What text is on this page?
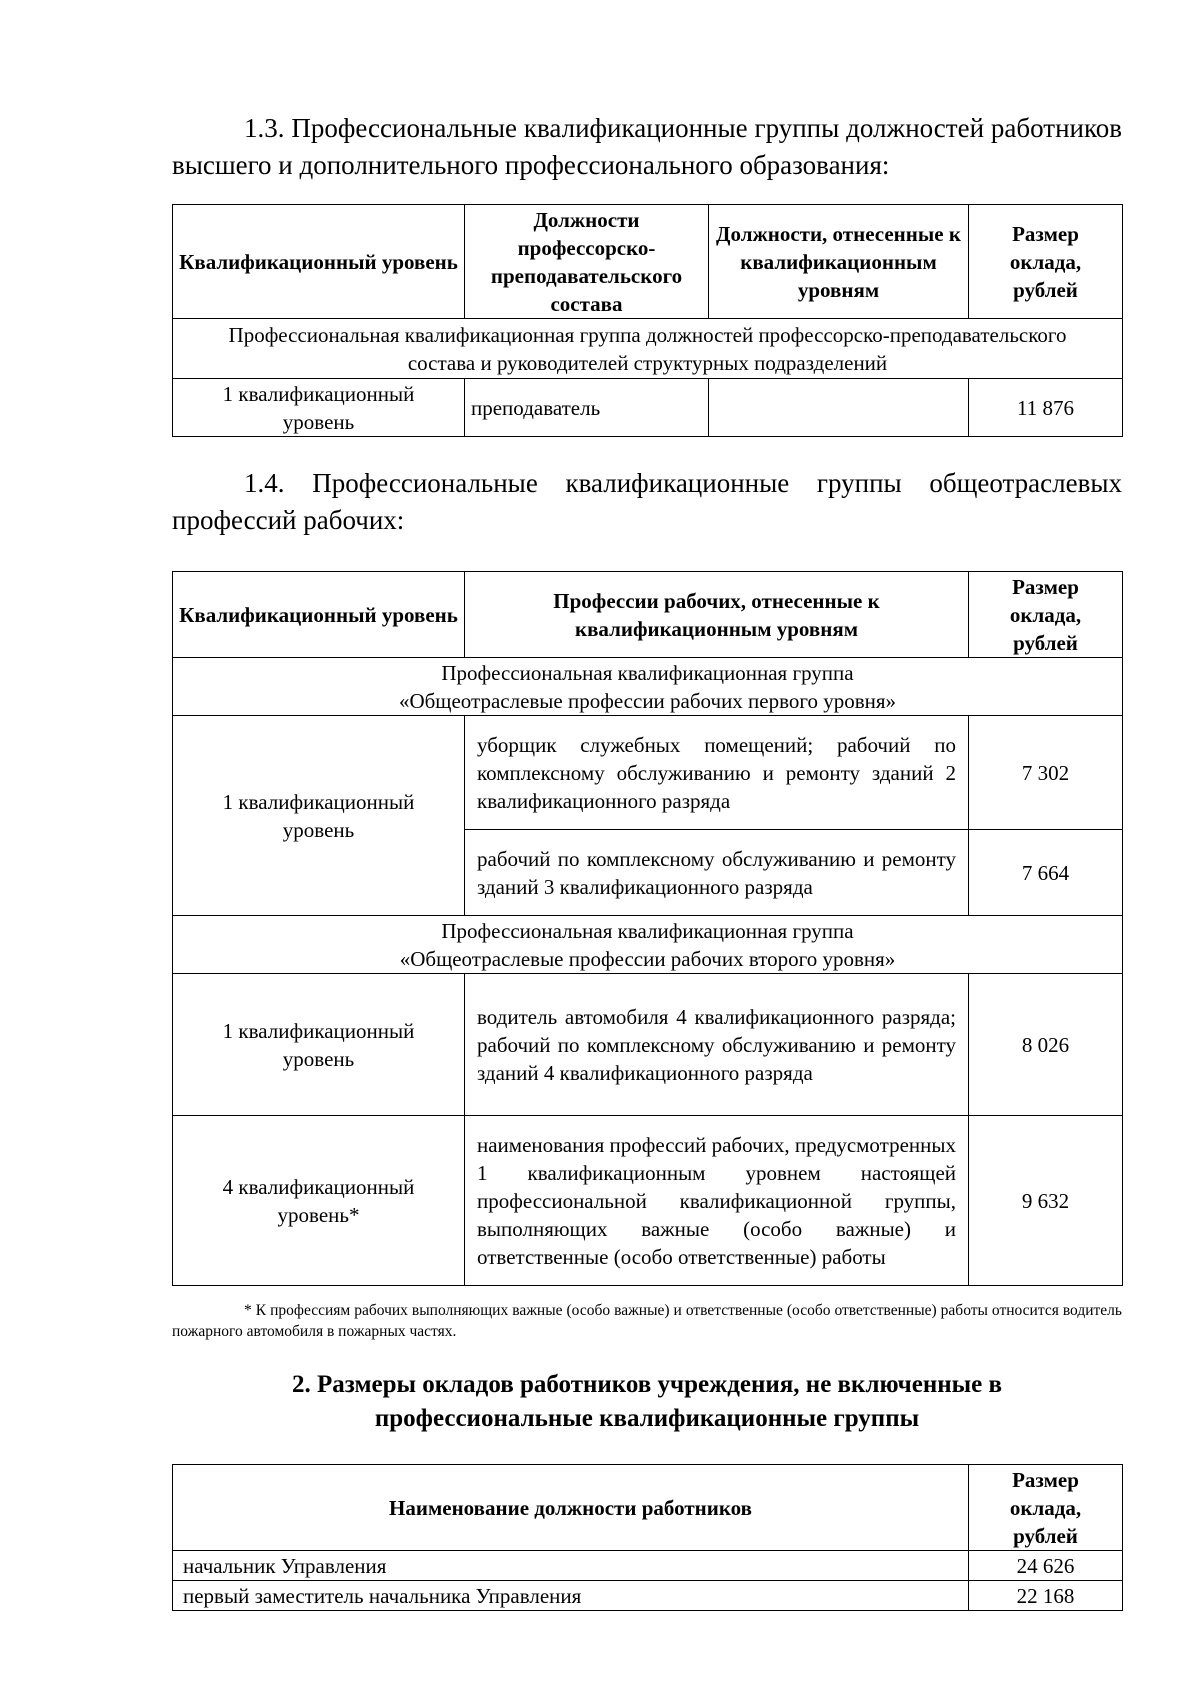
1.3. Профессиональные квалификационные группы должностей работников высшего и дополнительного профессионального образования:

Квалификационный уровень	Должности профессорско-преподавательского состава	Должности, отнесенные к квалификационным уровням	Размер оклада, рублей
Профессиональная квалификационная группа должностей профессорско-преподавательского состава и руководителей структурных подразделений			
1 квалификационный уровень	преподаватель		11 876

1.4. Профессиональные квалификационные группы общеотраслевых профессий рабочих:

Квалификационный уровень	Профессии рабочих, отнесенные к квалификационным уровням	Размер оклада, рублей

Профессиональная квалификационная группа
«Общеотраслевые профессии рабочих первого уровня»		

1 квалификационный уровень	уборщик служебных помещений; рабочий по комплексному обслуживанию и ремонту зданий 2 квалификационного разряда	7 302
	рабочий по комплексному обслуживанию и ремонту зданий 3 квалификационного разряда	7 664

Профессиональная квалификационная группа
«Общеотраслевые профессии рабочих второго уровня»		

1 квалификационный уровень	водитель автомобиля 4 квалификационного разряда; рабочий по комплексному обслуживанию и ремонту зданий 4 квалификационного разряда	8 026
4 квалификационный уровень*	наименования профессий рабочих, предусмотренных 1 квалификационным уровнем настоящей профессиональной квалификационной группы, выполняющих важные (особо важные) и ответственные (особо ответственные) работы	9 632

* К профессиям рабочих выполняющих важные (особо важные) и ответственные (особо ответственные) работы относится водитель пожарного автомобиля в пожарных частях.

2. Размеры окладов работников учреждения, не включенные в

профессиональные квалификационные группы

Наименование должности работников	Размер оклада, рублей
начальник Управления	24 626
первый заместитель начальника Управления	22 168
